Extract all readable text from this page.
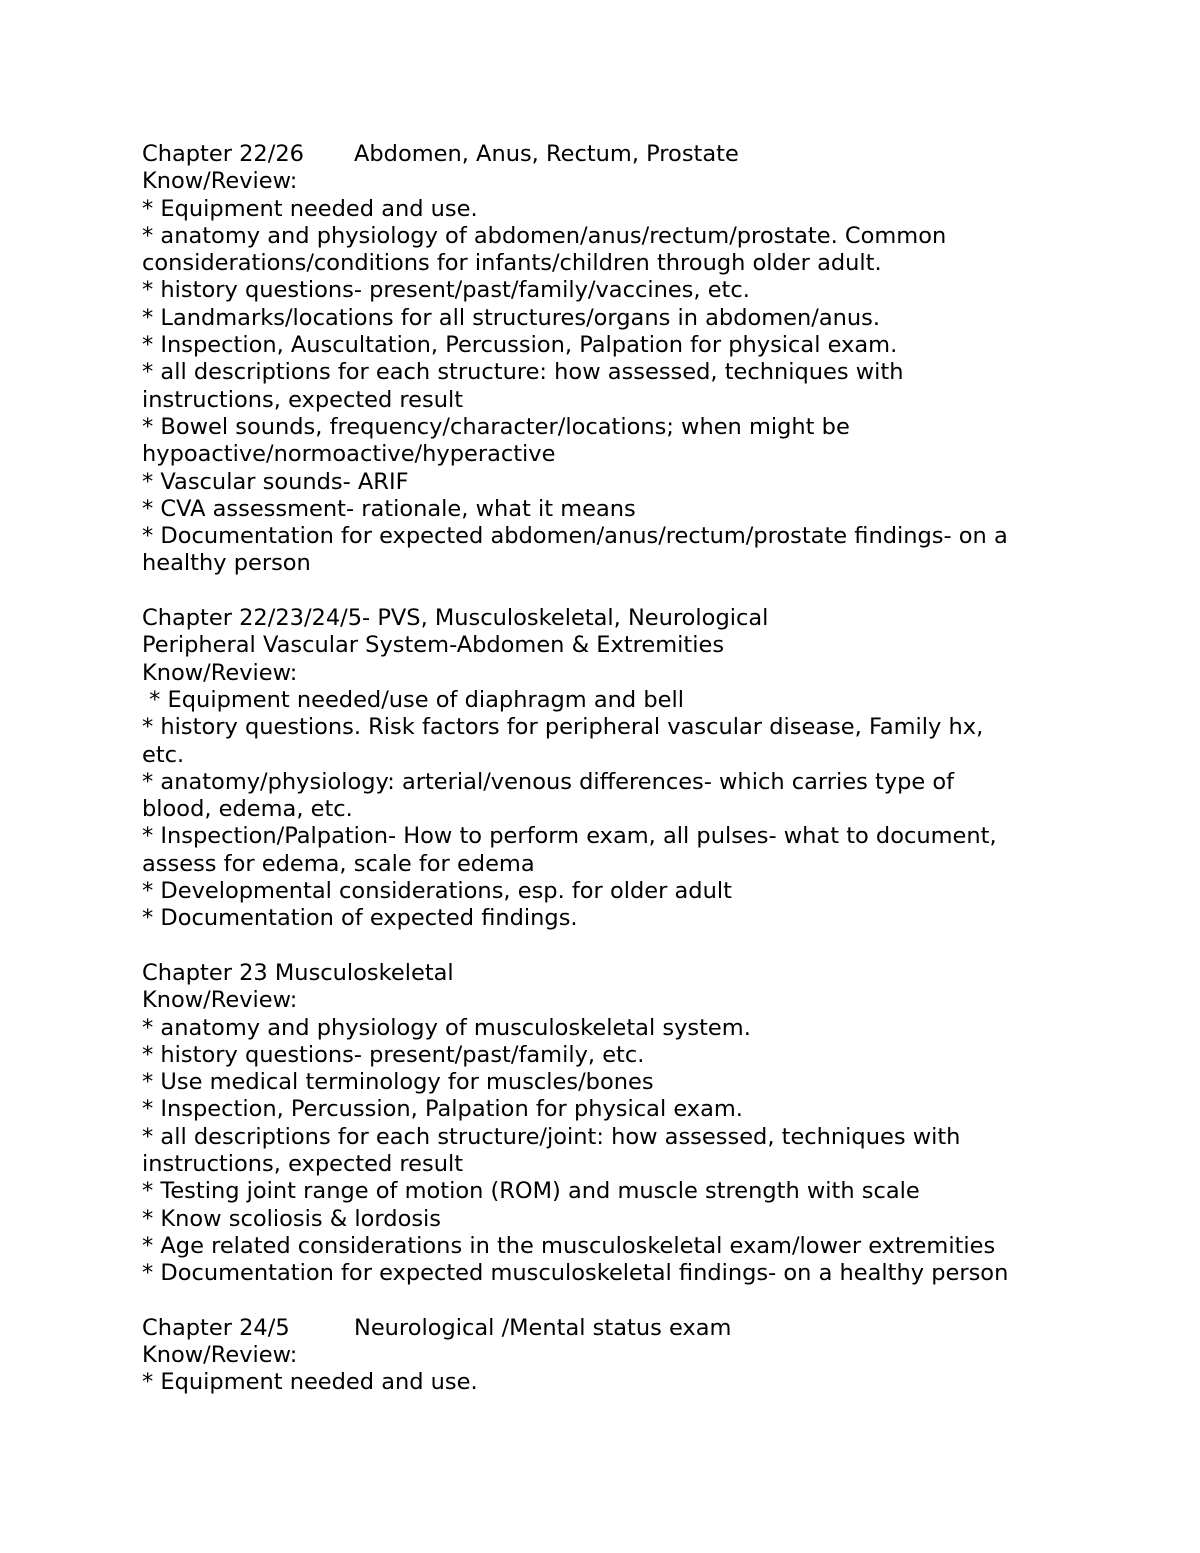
Chapter 22/26 Abdomen, Anus, Rectum, Prostate
Know/Review:
* Equipment needed and use.
* anatomy and physiology of abdomen/anus/rectum/prostate. Common
considerations/conditions for infants/children through older adult.
* history questions- present/past/family/vaccines, etc.
* Landmarks/locations for all structures/organs in abdomen/anus.
* Inspection, Auscultation, Percussion, Palpation for physical exam.
* all descriptions for each structure: how assessed, techniques with
instructions, expected result
* Bowel sounds, frequency/character/locations; when might be
hypoactive/normoactive/hyperactive
* Vascular sounds- ARIF
* CVA assessment- rationale, what it means
* Documentation for expected abdomen/anus/rectum/prostate findings- on a
healthy person
Chapter 22/23/24/5- PVS, Musculoskeletal, Neurological
Peripheral Vascular System-Abdomen & Extremities
Know/Review:
* Equipment needed/use of diaphragm and bell
* history questions. Risk factors for peripheral vascular disease, Family hx,
etc.
* anatomy/physiology: arterial/venous differences- which carries type of
blood, edema, etc.
* Inspection/Palpation- How to perform exam, all pulses- what to document,
assess for edema, scale for edema
* Developmental considerations, esp. for older adult
* Documentation of expected findings.
Chapter 23 Musculoskeletal
Know/Review:
* anatomy and physiology of musculoskeletal system.
* history questions- present/past/family, etc.
* Use medical terminology for muscles/bones
* Inspection, Percussion, Palpation for physical exam.
* all descriptions for each structure/joint: how assessed, techniques with
instructions, expected result
* Testing joint range of motion (ROM) and muscle strength with scale
* Know scoliosis & lordosis
* Age related considerations in the musculoskeletal exam/lower extremities
* Documentation for expected musculoskeletal findings- on a healthy person
Chapter 24/5	Neurological /Mental status exam
Know/Review:
* Equipment needed and use.
